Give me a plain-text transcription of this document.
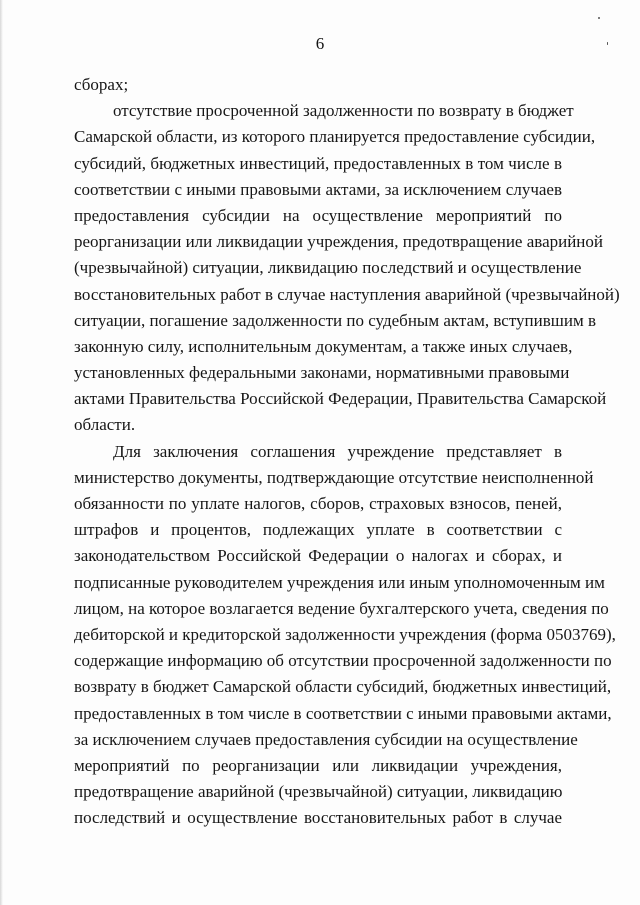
6
сборах;
отсутствие просроченной задолженности по возврату в бюджет
Самарской области, из которого планируется предоставление субсидии,
субсидий, бюджетных инвестиций, предоставленных в том числе в
соответствии с иными правовыми актами, за исключением случаев
предоставления субсидии на осуществление мероприятий по
реорганизации или ликвидации учреждения, предотвращение аварийной
(чрезвычайной) ситуации, ликвидацию последствий и осуществление
восстановительных работ в случае наступления аварийной (чрезвычайной)
ситуации, погашение задолженности по судебным актам, вступившим в
законную силу, исполнительным документам, а также иных случаев,
установленных федеральными законами, нормативными правовыми
актами Правительства Российской Федерации, Правительства Самарской
области.
Для заключения соглашения учреждение представляет в
министерство документы, подтверждающие отсутствие неисполненной
обязанности по уплате налогов, сборов, страховых взносов, пеней,
штрафов и процентов, подлежащих уплате в соответствии с
законодательством Российской Федерации о налогах и сборах, и
подписанные руководителем учреждения или иным уполномоченным им
лицом, на которое возлагается ведение бухгалтерского учета, сведения по
дебиторской и кредиторской задолженности учреждения (форма 0503769),
содержащие информацию об отсутствии просроченной задолженности по
возврату в бюджет Самарской области субсидий, бюджетных инвестиций,
предоставленных в том числе в соответствии с иными правовыми актами,
за исключением случаев предоставления субсидии на осуществление
мероприятий по реорганизации или ликвидации учреждения,
предотвращение аварийной (чрезвычайной) ситуации, ликвидацию
последствий и осуществление восстановительных работ в случае
